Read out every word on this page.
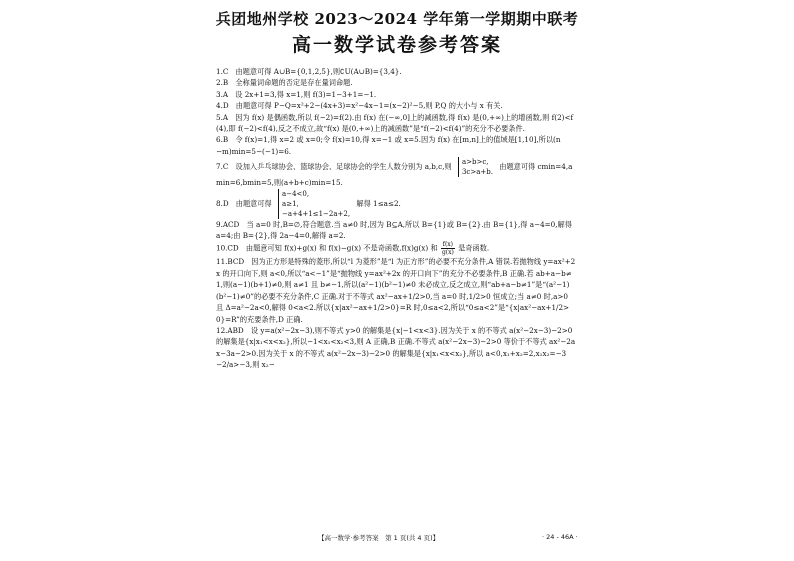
兵团地州学校 2023～2024 学年第一学期期中联考
高一数学试卷参考答案

1.C　由题意可得 A∪B={0,1,2,5},则∁U(A∪B)={3,4}.

2.B　全称量词命题的否定是存在量词命题.

3.A　设 2x+1=3,得 x=1,则 f(3)=1−3+1=−1.

4.D　由题意可得 P−Q=x²+2−(4x+3)=x²−4x−1=(x−2)²−5,则 P,Q 的大小与 x 有关.

5.A　因为 f(x) 是偶函数,所以 f(−2)=f(2).由 f(x) 在(−∞,0]上的减函数,得 f(x) 是(0,+∞)上的增函数,则 f(2)<f(4),即 f(−2)<f(4),反之不成立,故“f(x) 是(0,+∞)上的减函数”是“f(−2)<f(4)”的充分不必要条件.

6.B　令 f(x)=1,得 x=2 或 x=0;令 f(x)=10,得 x=−1 或 x=5.因为 f(x) 在[m,n]上的值域是[1,10],所以(n−m)min=5−(−1)=6.

7.C　设加入乒乓球协会、篮球协会、足球协会的学生人数分别为 a,b,c,则 a>b>c,
3c>a+b.
由题意可得 cmin=4,amin=6,bmin=5,则(a+b+c)min=15.

8.D　由题意可得
a−4<0,
a≥1,
−a+4+1≤1−2a+2,
解得 1≤a≤2.

9.ACD　当 a=0 时,B=∅,符合题意.当 a≠0 时,因为 B⊆A,所以 B={1}或 B={2}.由 B={1},得 a−4=0,解得 a=4;由 B={2},得 2a−4=0,解得 a=2.

10.CD　由题意可知 f(x)+g(x) 和 f(x)−g(x) 不是奇函数,f(x)g(x) 和 $\frac{f(x)}{g(x)}$ 是奇函数.

11.BCD　因为正方形是特殊的菱形,所以“l 为菱形”是“l 为正方形”的必要不充分条件,A 错误.若抛物线 y=ax²+2x 的开口向下,则 a<0,所以“a<−1”是“抛物线 y=ax²+2x 的开口向下”的充分不必要条件,B 正确.若 ab+a−b≠1,则(a−1)(b+1)≠0,则 a≠1 且 b≠−1,所以(a²−1)(b²−1)≠0 未必成立,反之成立,则“ab+a−b≠1”是“(a²−1)(b²−1)≠0”的必要不充分条件,C 正确.对于不等式 ax²−ax+1/2>0,当 a=0 时,1/2>0 恒成立;当 a≠0 时,a>0 且 Δ=a²−2a<0,解得 0<a<2.所以{x|ax²−ax+1/2>0}=R 时,0≤a<2,所以“0≤a<2”是“{x|ax²−ax+1/2>0}=R”的充要条件,D 正确.

12.ABD　设 y=a(x²−2x−3),则不等式 y>0 的解集是{x|−1<x<3}.因为关于 x 的不等式 a(x²−2x−3)−2>0 的解集是{x|x₁<x<x₂},所以−1<x₁<x₂<3,则 A 正确,B 正确.不等式 a(x²−2x−3)−2>0 等价于不等式 ax²−2ax−3a−2>0.因为关于 x 的不等式 a(x²−2x−3)−2>0 的解集是{x|x₁<x<x₂},所以 a<0,x₁+x₂=2,x₁x₂=−3−2/a>−3,则 x₂−

【高一数学·参考答案　第 1 页(共 4 页)】	· 24 - 46A ·
